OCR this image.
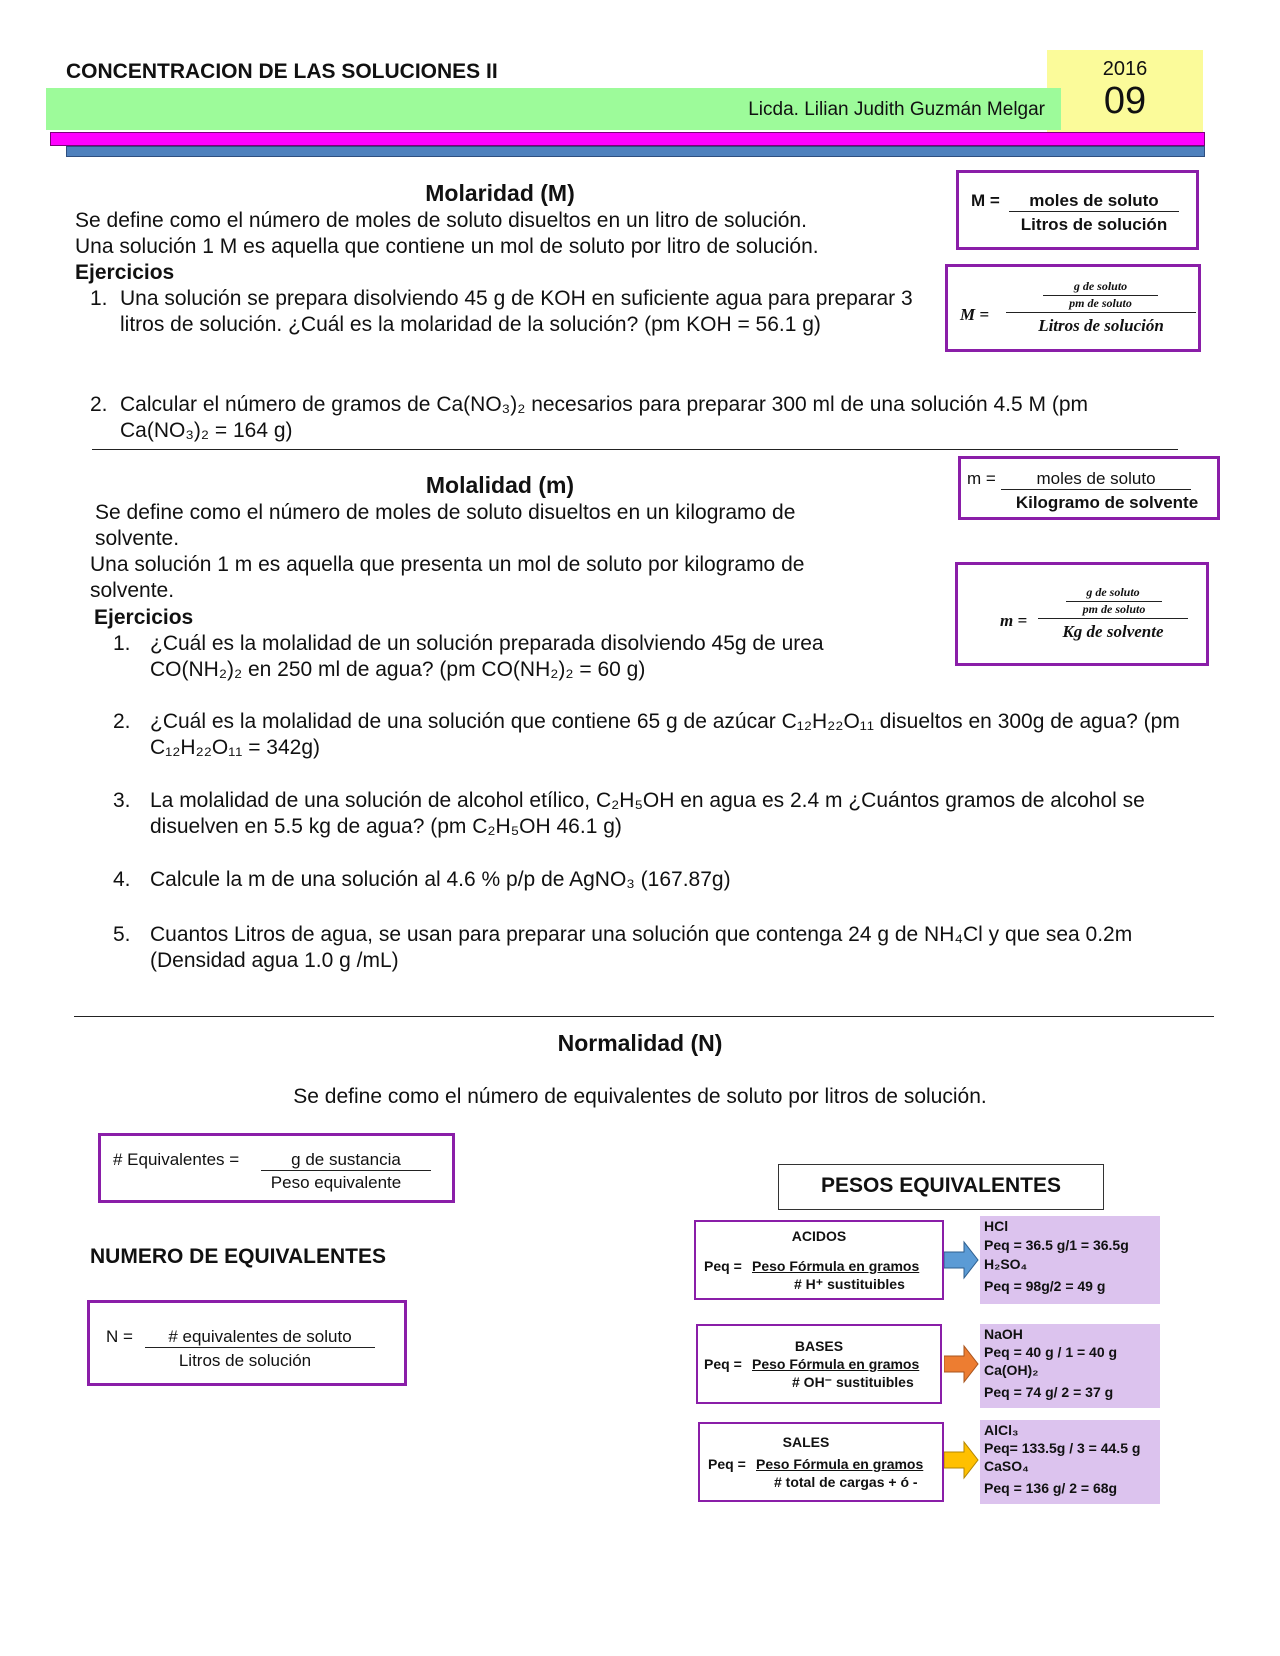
CONCENTRACION DE LAS SOLUCIONES II	2016
09
Licda. Lilian Judith Guzmán Melgar
Molaridad (M)
Se define como el número de moles de soluto disueltos en un litro de solución.
Una solución 1 M es aquella que contiene un mol de soluto por litro de solución.
Ejercicios
1. Una solución se prepara disolviendo 45 g de KOH en suficiente agua para preparar 3 litros de solución. ¿Cuál es la molaridad de la solución? (pm KOH = 56.1 g)
2. Calcular el número de gramos de Ca(NO₃)₂ necesarios para preparar 300 ml de una solución 4.5 M (pm Ca(NO₃)₂ = 164 g)
M =	moles de soluto
Litros de solución
M =
g de soluto
pm de soluto
Litros de solución
Molalidad (m)
Se define como el número de moles de soluto disueltos en un kilogramo de solvente.
Una solución 1 m es aquella que presenta un mol de soluto por kilogramo de solvente.
Ejercicios
1. ¿Cuál es la molalidad de un solución preparada disolviendo 45g de urea CO(NH₂)₂ en 250 ml de agua? (pm CO(NH₂)₂ = 60 g)
2. ¿Cuál es la molalidad de una solución que contiene 65 g de azúcar C₁₂H₂₂O₁₁ disueltos en 300g de agua? (pm C₁₂H₂₂O₁₁ = 342g)
3. La molalidad de una solución de alcohol etílico, C₂H₅OH en agua es 2.4 m ¿Cuántos gramos de alcohol se disuelven en 5.5 kg de agua? (pm C₂H₅OH 46.1 g)
4. Calcule la m de una solución al 4.6 % p/p de AgNO₃ (167.87g)
5. Cuantos Litros de agua, se usan para preparar una solución que contenga 24 g de NH₄Cl y que sea 0.2m (Densidad agua 1.0 g /mL)
m =	moles de soluto
Kilogramo de solvente
m =
g de soluto
pm de soluto
Kg de solvente
Normalidad (N)
Se define como el número de equivalentes de soluto por litros de solución.
# Equivalentes =	g de sustancia
Peso equivalente
NUMERO DE EQUIVALENTES
N =	# equivalentes de soluto
Litros de solución
PESOS EQUIVALENTES
ACIDOS
Peq = Peso Fórmula en gramos
# H⁺ sustituibles
HCl
Peq = 36.5 g/1 = 36.5g
H₂SO₄
Peq = 98g/2 = 49 g
BASES
Peq = Peso Fórmula en gramos
# OH⁻ sustituibles
NaOH
Peq = 40 g / 1 = 40 g
Ca(OH)₂
Peq = 74 g/ 2 = 37 g
SALES
Peq = Peso Fórmula en gramos
# total de cargas + ó -
AlCl₃
Peq= 133.5g / 3 = 44.5 g
CaSO₄
Peq = 136 g/ 2 = 68g
